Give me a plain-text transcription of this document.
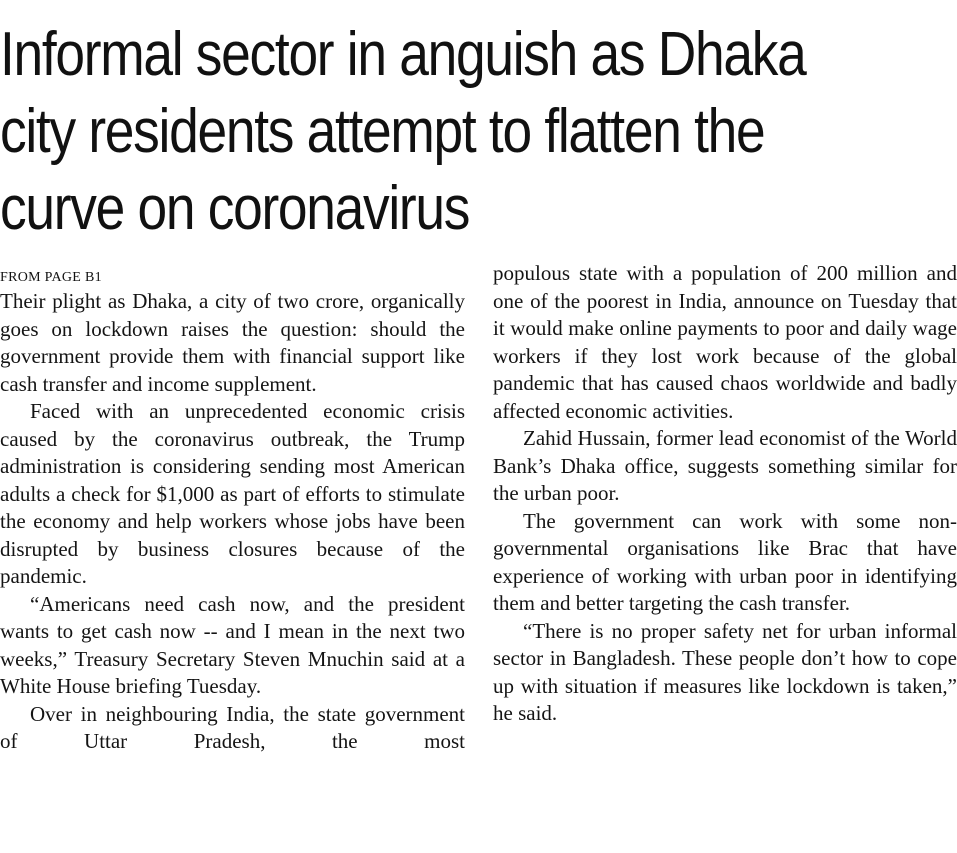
Informal sector in anguish as Dhaka
city residents attempt to flatten the
curve on coronavirus
FROM PAGE B1

Their plight as Dhaka, a city of two crore, organically goes on lockdown raises the question: should the government provide them with financial support like cash transfer and income supplement.

Faced with an unprecedented economic crisis caused by the coronavirus outbreak, the Trump administration is considering sending most American adults a check for $1,000 as part of efforts to stimulate the economy and help workers whose jobs have been disrupted by business closures because of the pandemic.

“Americans need cash now, and the president wants to get cash now -- and I mean in the next two weeks,” Treasury Secretary Steven Mnuchin said at a White House briefing Tuesday.

Over in neighbouring India, the state government of Uttar Pradesh, the most

populous state with a population of 200 million and one of the poorest in India, announce on Tuesday that it would make online payments to poor and daily wage workers if they lost work because of the global pandemic that has caused chaos worldwide and badly affected economic activities.

Zahid Hussain, former lead economist of the World Bank’s Dhaka office, suggests something similar for the urban poor.

The government can work with some non-governmental organisations like Brac that have experience of working with urban poor in identifying them and better targeting the cash transfer.

“There is no proper safety net for urban informal sector in Bangladesh. These people don’t how to cope up with situation if measures like lockdown is taken,” he said.
